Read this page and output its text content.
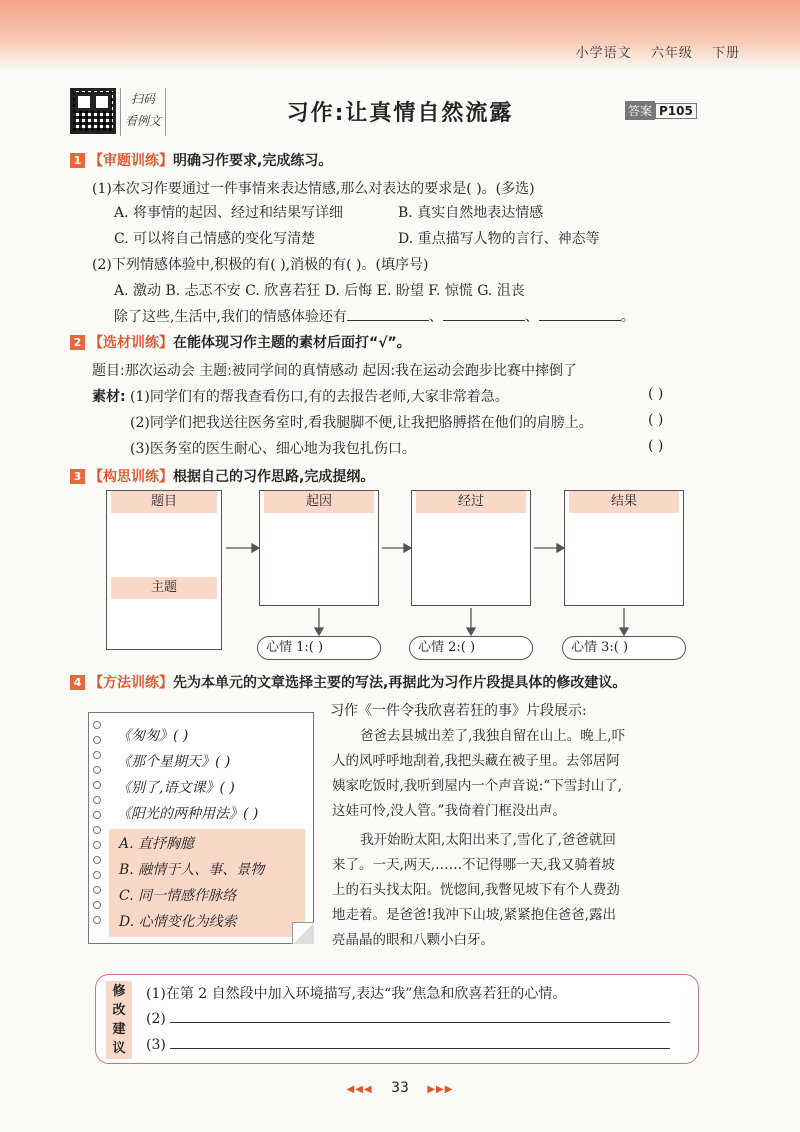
小学语文 六年级 下册
扫码
看例文	习作:让真情自然流露	答案 P105
1 【审题训练】明确习作要求,完成练习。
(1)本次习作要通过一件事情来表达情感,那么对表达的要求是( )。(多选)
A. 将事情的起因、经过和结果写详细	B. 真实自然地表达情感
C. 可以将自己情感的变化写清楚	D. 重点描写人物的言行、神态等
(2)下列情感体验中,积极的有( ),消极的有( )。(填序号)
A. 激动 B. 忐忑不安 C. 欣喜若狂 D. 后悔 E. 盼望 F. 惊慌 G. 沮丧
除了这些,生活中,我们的情感体验还有	、	、	。
2 【选材训练】在能体现习作主题的素材后面打“√”。
题目:那次运动会 主题:被同学间的真情感动 起因:我在运动会跑步比赛中摔倒了
素材: (1)同学们有的帮我查看伤口,有的去报告老师,大家非常着急。
(2)同学们把我送往医务室时,看我腿脚不便,让我把胳膊搭在他们的肩膀上。
(3)医务室的医生耐心、细心地为我包扎伤口。
( )
( )
( )
3 【构思训练】根据自己的习作思路,完成提纲。
题目
主题
起因	经过	结果
心情 1:( )	心情 2:( )	心情 3:( )
4 【方法训练】先为本单元的文章选择主要的写法,再据此为习作片段提具体的修改建议。
《匆匆》( )
《那个星期天》( )
《别了,语文课》( )
《阳光的两种用法》( )
A. 直抒胸臆
B. 融情于人、事、景物
C. 同一情感作脉络
D. 心情变化为线索
习作《一件令我欣喜若狂的事》片段展示:
爸爸去县城出差了,我独自留在山上。晚上,吓
人的风呼呼地刮着,我把头藏在被子里。去邻居阿
姨家吃饭时,我听到屋内一个声音说:“下雪封山了,
这娃可怜,没人管。”我倚着门框没出声。
我开始盼太阳,太阳出来了,雪化了,爸爸就回
来了。一天,两天,……不记得哪一天,我又骑着坡
上的石头找太阳。恍惚间,我瞥见坡下有个人费劲
地走着。是爸爸!我冲下山坡,紧紧抱住爸爸,露出
亮晶晶的眼和八颗小白牙。
修
改
建
议
(1)在第 2 自然段中加入环境描写,表达“我”焦急和欣喜若狂的心情。
(2)
(3)
◀◀◀ 33 ▶▶▶
